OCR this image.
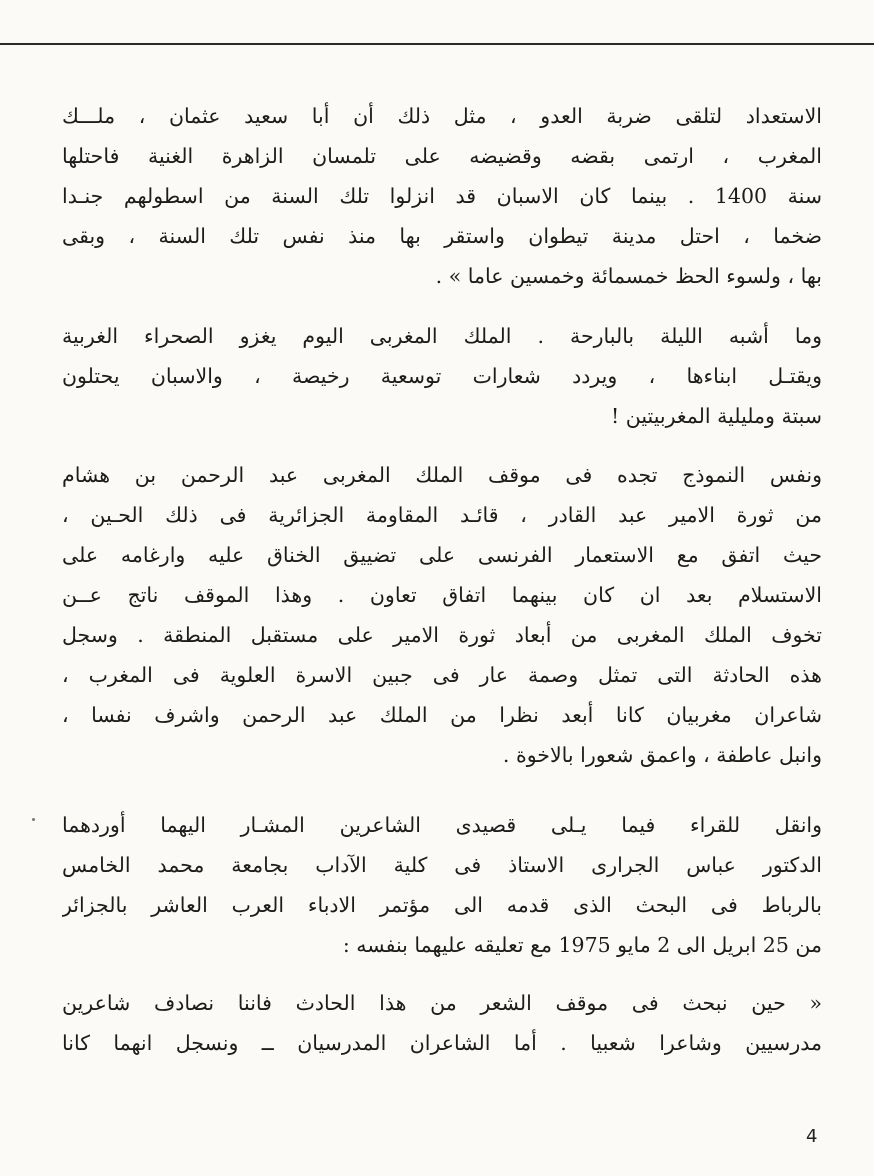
الاستعداد لتلقى ضربة العدو ، مثل ذلك أن أبا سعيد عثمان ، ملـــك
المغرب ، ارتمى بقضه وقضيضه على تلمسان الزاهرة الغنية فاحتلها
سنة 1400 . بينما كان الاسبان قد انزلوا تلك السنة من اسطولهم جنـدا
ضخما ، احتل مدينة تيطوان واستقر بها منذ نفس تلك السنة ، وبقى
بها ، ولسوء الحظ خمسمائة وخمسين عاما » .
وما أشبه الليلة بالبارحة . الملك المغربى اليوم يغزو الصحراء الغربية
ويقتـل ابناءها ، ويردد شعارات توسعية رخيصة ، والاسبان يحتلون
سبتة ومليلية المغربيتين !
ونفس النموذج تجده فى موقف الملك المغربى عبد الرحمن بن هشام
من ثورة الامير عبد القادر ، قائـد المقاومة الجزائرية فى ذلك الحـين ،
حيث اتفق مع الاستعمار الفرنسى على تضييق الخناق عليه وارغامه على
الاستسلام بعد ان كان بينهما اتفاق تعاون . وهذا الموقف ناتج عــن
تخوف الملك المغربى من أبعاد ثورة الامير على مستقبل المنطقة . وسجل
هذه الحادثة التى تمثل وصمة عار فى جبين الاسرة العلوية فى المغرب ،
شاعران مغربيان كانا أبعد نظرا من الملك عبد الرحمن واشرف نفسا ،
وانبل عاطفة ، واعمق شعورا بالاخوة .
وانقل للقراء فيما يـلى قصيدى الشاعرين المشـار اليهما أوردهما
الدكتور عباس الجرارى الاستاذ فى كلية الآداب بجامعة محمد الخامس
بالرباط فى البحث الذى قدمه الى مؤتمر الادباء العرب العاشر بالجزائر
من 25 ابريل الى 2 مايو 1975 مع تعليقه عليهما بنفسه :
« حين نبحث فى موقف الشعر من هذا الحادث فاننا نصادف شاعرين
مدرسيين وشاعرا شعبيا . أما الشاعران المدرسيان ــ ونسجل انهما كانا
4
